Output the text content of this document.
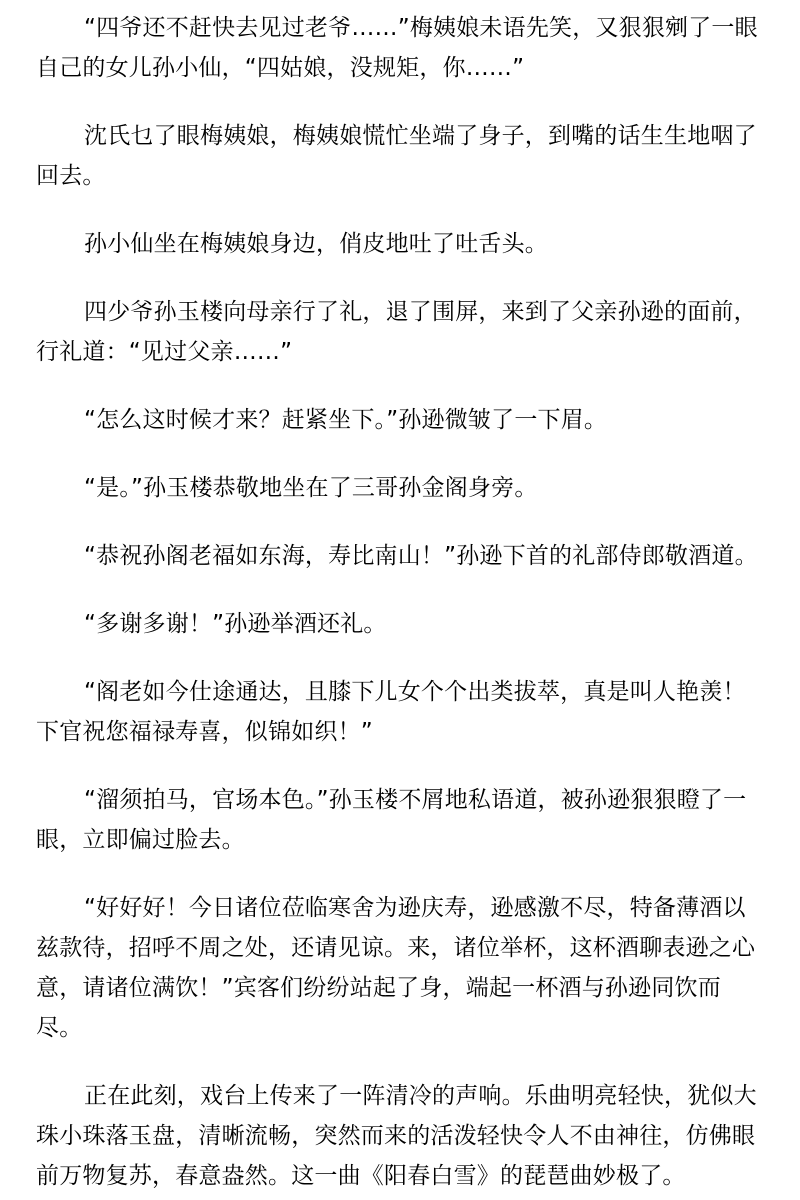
“四爷还不赶快去见过老爷……”梅姨娘未语先笑，又狠狠剜了一眼自己的女儿孙小仙，“四姑娘，没规矩，你……”

沈氏乜了眼梅姨娘，梅姨娘慌忙坐端了身子，到嘴的话生生地咽了回去。

孙小仙坐在梅姨娘身边，俏皮地吐了吐舌头。

四少爷孙玉楼向母亲行了礼，退了围屏，来到了父亲孙逊的面前，行礼道：“见过父亲……”

“怎么这时候才来？赶紧坐下。”孙逊微皱了一下眉。

“是。”孙玉楼恭敬地坐在了三哥孙金阁身旁。

“恭祝孙阁老福如东海，寿比南山！”孙逊下首的礼部侍郎敬酒道。

“多谢多谢！”孙逊举酒还礼。

“阁老如今仕途通达，且膝下儿女个个出类拔萃，真是叫人艳羡！下官祝您福禄寿喜，似锦如织！”

“溜须拍马，官场本色。”孙玉楼不屑地私语道，被孙逊狠狠瞪了一眼，立即偏过脸去。

“好好好！今日诸位莅临寒舍为逊庆寿，逊感激不尽，特备薄酒以兹款待，招呼不周之处，还请见谅。来，诸位举杯，这杯酒聊表逊之心意，请诸位满饮！”宾客们纷纷站起了身，端起一杯酒与孙逊同饮而尽。

正在此刻，戏台上传来了一阵清冷的声响。乐曲明亮轻快，犹似大珠小珠落玉盘，清晰流畅，突然而来的活泼轻快令人不由神往，仿佛眼前万物复苏，春意盎然。这一曲《阳春白雪》的琵琶曲妙极了。
